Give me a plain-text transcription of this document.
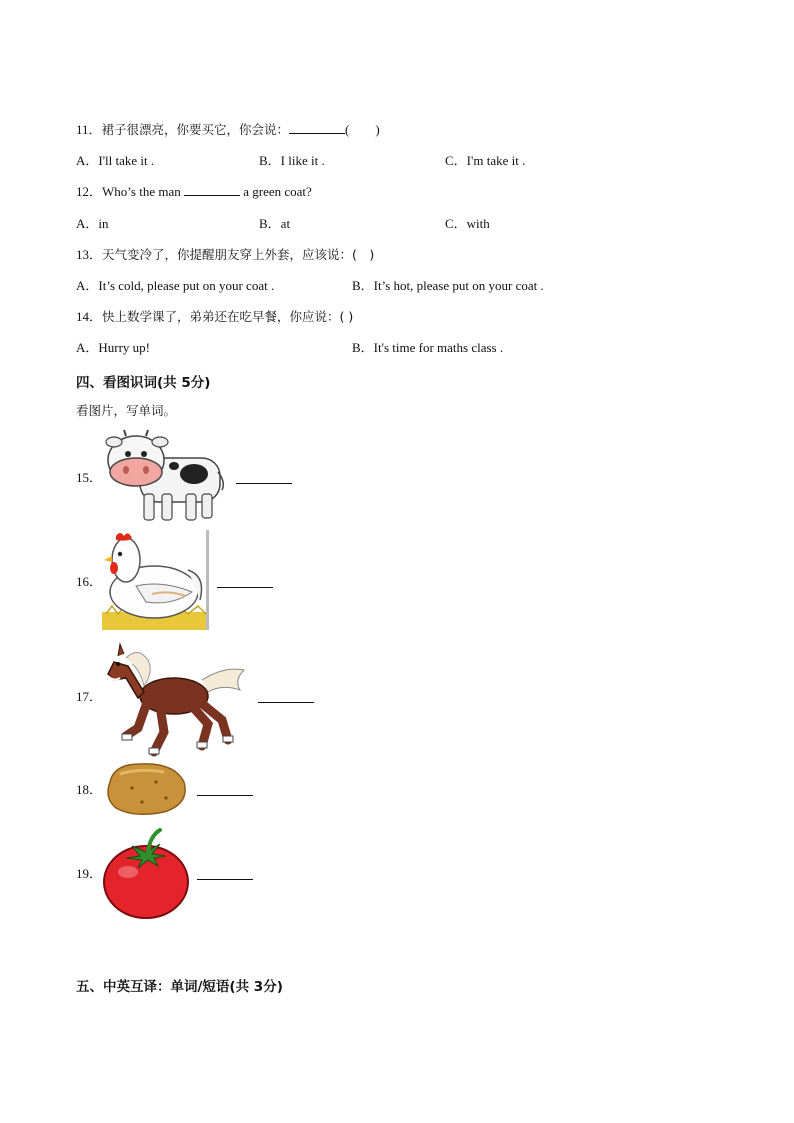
11．裙子很漂亮，你要买它，你会说：	(　　)
A．I'll take it .	B．I like it .	C．I'm take it .
12．Who’s the man	a green coat?
A．in	B．at	C．with
13．天气变冷了，你提醒朋友穿上外套，应该说：(　)
A．It’s cold, please put on your coat .	B．It’s hot, please put on your coat .
14．快上数学课了，弟弟还在吃早餐，你应说：( )
A．Hurry up!	B．It's time for maths class .
四、看图识词(共 5分)
看图片，写单词。
15．
16．
17．
18．
19．
五、中英互译：单词/短语(共 3分)
